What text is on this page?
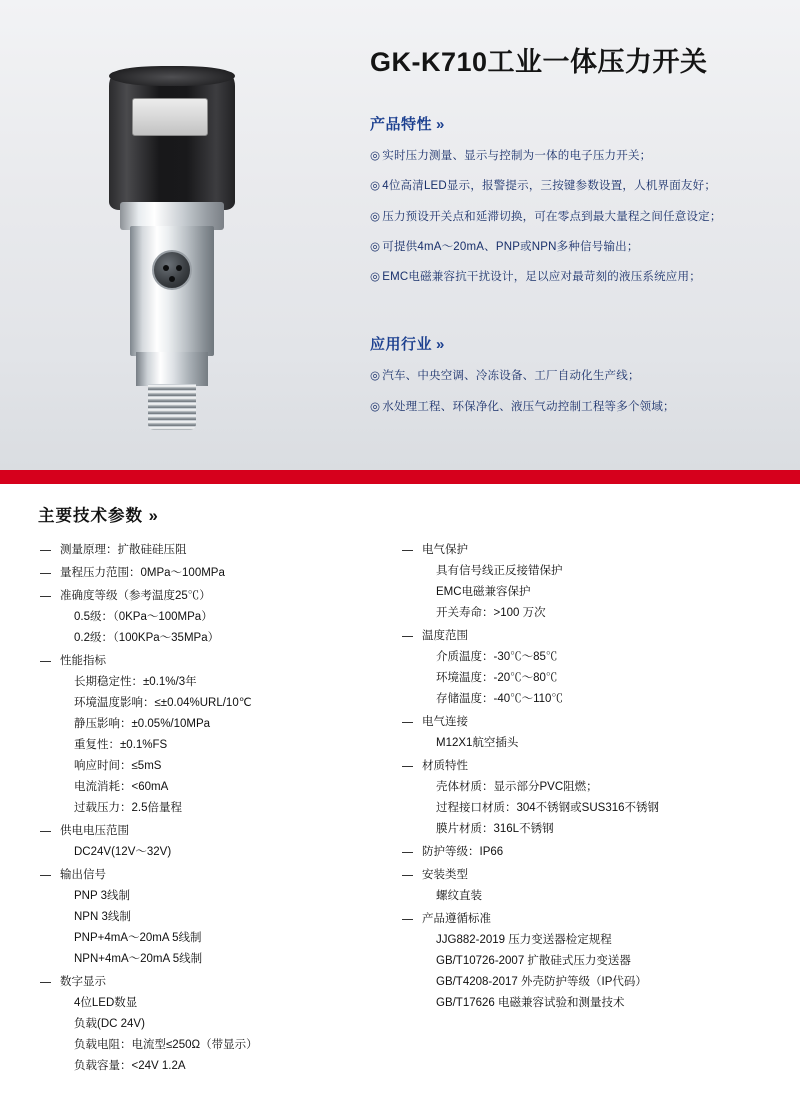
GK-K710工业一体压力开关
产品特性 »
◎ 实时压力测量、显示与控制为一体的电子压力开关；
◎ 4位高清LED显示，报警提示，三按键参数设置，人机界面友好；
◎ 压力预设开关点和延滞切换，可在零点到最大量程之间任意设定；
◎ 可提供4mA～20mA、PNP或NPN多种信号输出；
◎ EMC电磁兼容抗干扰设计，足以应对最苛刻的液压系统应用；
应用行业 »
◎ 汽车、中央空调、冷冻设备、工厂自动化生产线；
◎ 水处理工程、环保净化、液压气动控制工程等多个领域；
主要技术参数 »
测量原理：扩散硅硅压阻
量程压力范围：0MPa～100MPa
准确度等级（参考温度25℃）
0.5级：（0KPa～100MPa）
0.2级：（100KPa～35MPa）
性能指标
长期稳定性：±0.1%/3年
环境温度影响：≤±0.04%URL/10℃
静压影响：±0.05%/10MPa
重复性：±0.1%FS
响应时间：≤5mS
电流消耗：<60mA
过载压力：2.5倍量程
供电电压范围
DC24V(12V～32V)
输出信号
PNP 3线制
NPN 3线制
PNP+4mA～20mA 5线制
NPN+4mA～20mA 5线制
数字显示
4位LED数显
负载(DC 24V)
负载电阻：电流型≤250Ω（带显示）
负载容量：<24V 1.2A
电气保护
具有信号线正反接错保护
EMC电磁兼容保护
开关寿命：>100 万次
温度范围
介质温度：-30℃～85℃
环境温度：-20℃～80℃
存储温度：-40℃～110℃
电气连接
M12X1航空插头
材质特性
壳体材质：显示部分PVC阻燃；
过程接口材质：304不锈钢或SUS316不锈钢
膜片材质：316L不锈钢
防护等级：IP66
安装类型
螺纹直装
产品遵循标准
JJG882-2019 压力变送器检定规程
GB/T10726-2007 扩散硅式压力变送器
GB/T4208-2017 外壳防护等级（IP代码）
GB/T17626 电磁兼容试验和测量技术
